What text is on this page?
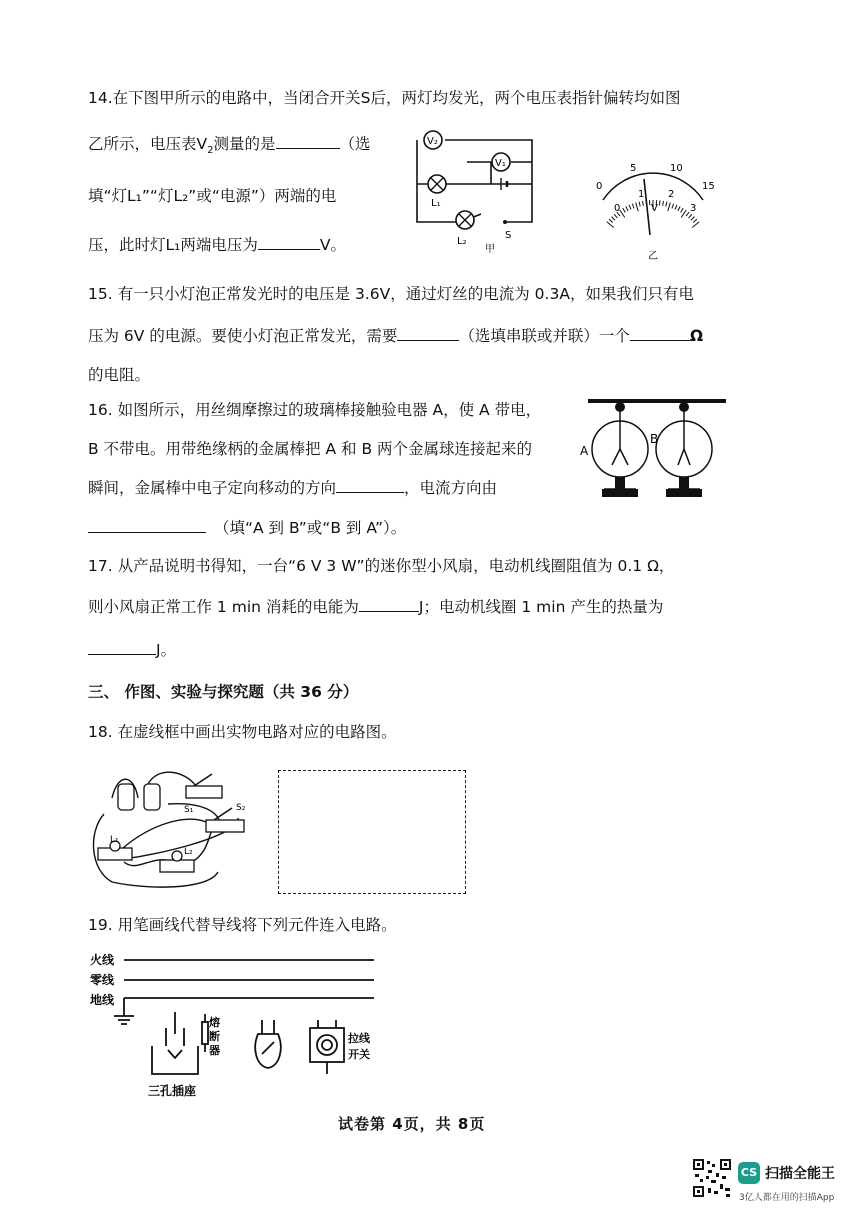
14.在下图甲所示的电路中，当闭合开关S后，两灯均发光，两个电压表指针偏转均如图
乙所示，电压表$V_2$测量的是	（选
填“灯L₁”“灯L₂”或“电源”）两端的电
压，此时灯L₁两端电压为	V。
V₂
V₁
L₁
L₂
S
甲
0
5	10
15
0
1 2
3
V
乙
15. 有一只小灯泡正常发光时的电压是 3.6V，通过灯丝的电流为 0.3A，如果我们只有电
压为 6V 的电源。要使小灯泡正常发光，需要	（选填串联或并联）一个	Ω
的电阻。
16. 如图所示，用丝绸摩擦过的玻璃棒接触验电器 A，使 A 带电，
B 不带电。用带绝缘柄的金属棒把 A 和 B 两个金属球连接起来的
瞬间，金属棒中电子定向移动的方向	，电流方向由
（填“A 到 B”或“B 到 A”）。
A
B
17. 从产品说明书得知，一台“6 V 3 W”的迷你型小风扇，电动机线圈阻值为 0.1 Ω，
则小风扇正常工作 1 min 消耗的电能为	J；电动机线圈 1 min 产生的热量为
J。
三、 作图、实验与探究题（共 36 分）
18. 在虚线框中画出实物电路对应的电路图。
S₁	S₂
L₁
L₂
19. 用笔画线代替导线将下列元件连入电路。
火线
零线
地线
熔
断
器
三孔插座
拉线
开关
试卷第 4页，共 8页
CS 扫描全能王
3亿人都在用的扫描App
